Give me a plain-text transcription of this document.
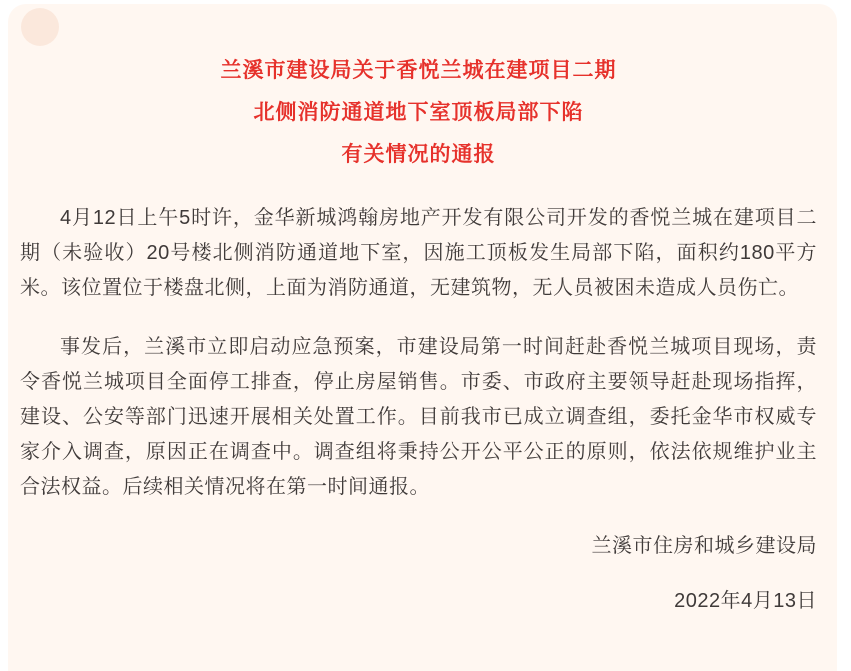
兰溪市建设局关于香悦兰城在建项目二期

北侧消防通道地下室顶板局部下陷

有关情况的通报

4月12日上午5时许，金华新城鸿翰房地产开发有限公司开发的香悦兰城在建项目二期（未验收）20号楼北侧消防通道地下室，因施工顶板发生局部下陷，面积约180平方米。该位置位于楼盘北侧，上面为消防通道，无建筑物，无人员被困未造成人员伤亡。

事发后，兰溪市立即启动应急预案，市建设局第一时间赶赴香悦兰城项目现场，责令香悦兰城项目全面停工排查，停止房屋销售。市委、市政府主要领导赶赴现场指挥，建设、公安等部门迅速开展相关处置工作。目前我市已成立调查组，委托金华市权威专家介入调查，原因正在调查中。调查组将秉持公开公平公正的原则，依法依规维护业主合法权益。后续相关情况将在第一时间通报。

兰溪市住房和城乡建设局

2022年4月13日
